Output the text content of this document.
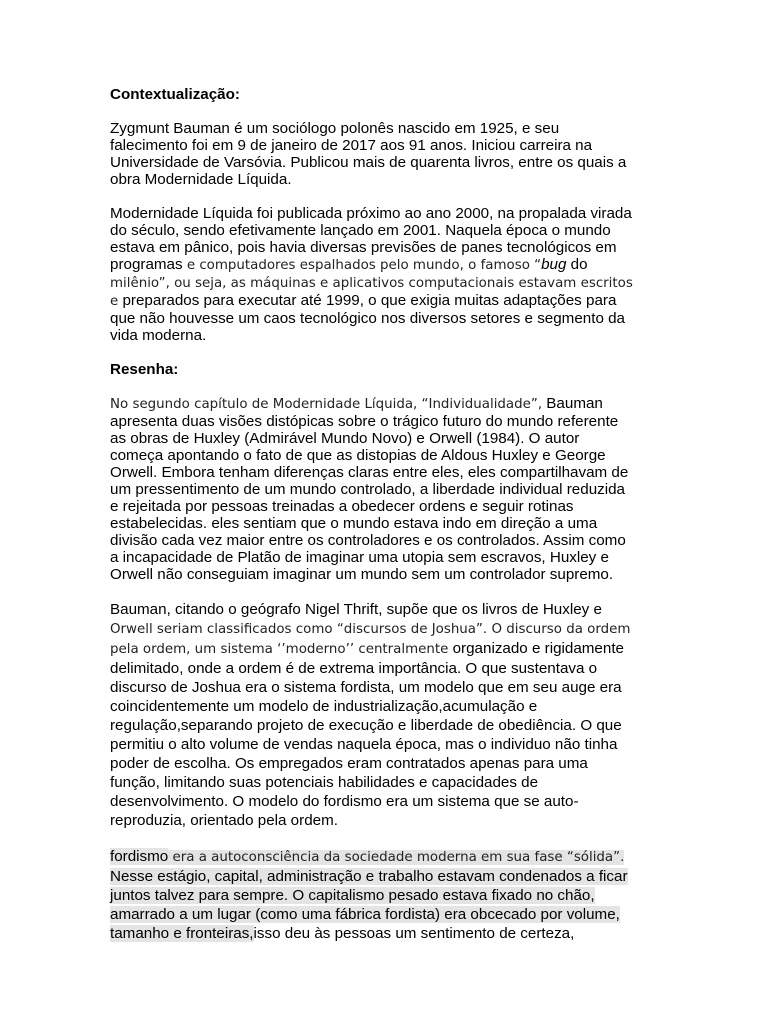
Contextualização:
Zygmunt Bauman é um sociólogo polonês nascido em 1925, e seu falecimento foi em 9 de janeiro de 2017 aos 91 anos. Iniciou carreira na Universidade de Varsóvia. Publicou mais de quarenta livros, entre os quais a obra Modernidade Líquida.
Modernidade Líquida foi publicada próximo ao ano 2000, na propalada virada do século, sendo efetivamente lançado em 2001. Naquela época o mundo estava em pânico, pois havia diversas previsões de panes tecnológicos em programas e computadores espalhados pelo mundo, o famoso “bug do milênio”, ou seja, as máquinas e aplicativos computacionais estavam escritos e preparados para executar até 1999, o que exigia muitas adaptações para que não houvesse um caos tecnológico nos diversos setores e segmento da vida moderna.
Resenha:
No segundo capítulo de Modernidade Líquida, “Individualidade”, Bauman apresenta duas visões distópicas sobre o trágico futuro do mundo referente as obras de Huxley (Admirável Mundo Novo) e Orwell (1984). O autor começa apontando o fato de que as distopias de Aldous Huxley e George Orwell. Embora tenham diferenças claras entre eles, eles compartilhavam de um pressentimento de um mundo controlado, a liberdade individual reduzida e rejeitada por pessoas treinadas a obedecer ordens e seguir rotinas estabelecidas. eles sentiam que o mundo estava indo em direção a uma divisão cada vez maior entre os controladores e os controlados. Assim como a incapacidade de Platão de imaginar uma utopia sem escravos, Huxley e Orwell não conseguiam imaginar um mundo sem um controlador supremo.
Bauman, citando o geógrafo Nigel Thrift, supõe que os livros de Huxley e Orwell seriam classificados como “discursos de Joshua”. O discurso da ordem pela ordem, um sistema ‘’moderno’’ centralmente organizado e rigidamente delimitado, onde a ordem é de extrema importância. O que sustentava o discurso de Joshua era o sistema fordista, um modelo que em seu auge era coincidentemente um modelo de industrialização,acumulação e regulação,separando projeto de execução e liberdade de obediência. O que permitiu o alto volume de vendas naquela época, mas o individuo não tinha poder de escolha. Os empregados eram contratados apenas para uma função, limitando suas potenciais habilidades e capacidades de desenvolvimento. O modelo do fordismo era um sistema que se auto-reproduzia, orientado pela ordem.
fordismo era a autoconsciência da sociedade moderna em sua fase “sólida”. Nesse estágio, capital, administração e trabalho estavam condenados a ficar juntos talvez para sempre. O capitalismo pesado estava fixado no chão, amarrado a um lugar (como uma fábrica fordista) era obcecado por volume, tamanho e fronteiras,isso deu às pessoas um sentimento de certeza,
